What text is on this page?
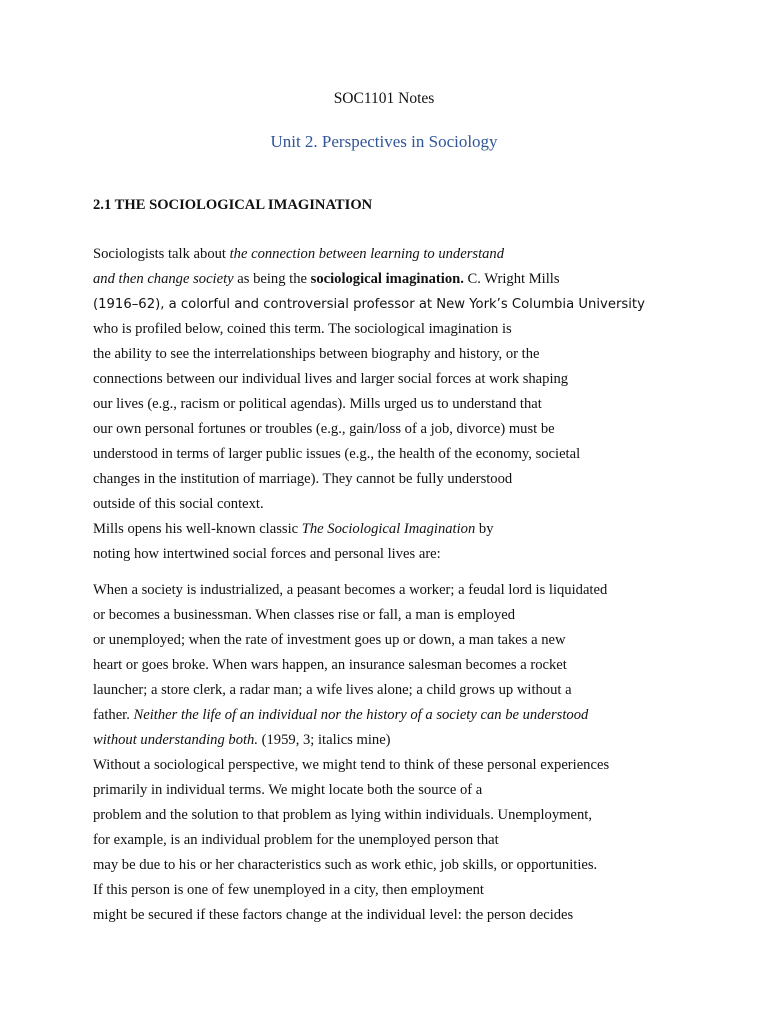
SOC1101 Notes
Unit 2. Perspectives in Sociology
2.1 THE SOCIOLOGICAL IMAGINATION
Sociologists talk about the connection between learning to understand
and then change society as being the sociological imagination. C. Wright Mills
(1916–62), a colorful and controversial professor at New York’s Columbia University
who is profiled below, coined this term. The sociological imagination is
the ability to see the interrelationships between biography and history, or the
connections between our individual lives and larger social forces at work shaping
our lives (e.g., racism or political agendas). Mills urged us to understand that
our own personal fortunes or troubles (e.g., gain/loss of a job, divorce) must be
understood in terms of larger public issues (e.g., the health of the economy, societal
changes in the institution of marriage). They cannot be fully understood
outside of this social context.
Mills opens his well-known classic The Sociological Imagination by
noting how intertwined social forces and personal lives are:
When a society is industrialized, a peasant becomes a worker; a feudal lord is liquidated
or becomes a businessman. When classes rise or fall, a man is employed
or unemployed; when the rate of investment goes up or down, a man takes a new
heart or goes broke. When wars happen, an insurance salesman becomes a rocket
launcher; a store clerk, a radar man; a wife lives alone; a child grows up without a
father. Neither the life of an individual nor the history of a society can be understood
without understanding both. (1959, 3; italics mine)
Without a sociological perspective, we might tend to think of these personal experiences
primarily in individual terms. We might locate both the source of a
problem and the solution to that problem as lying within individuals. Unemployment,
for example, is an individual problem for the unemployed person that
may be due to his or her characteristics such as work ethic, job skills, or opportunities.
If this person is one of few unemployed in a city, then employment
might be secured if these factors change at the individual level: the person decides
